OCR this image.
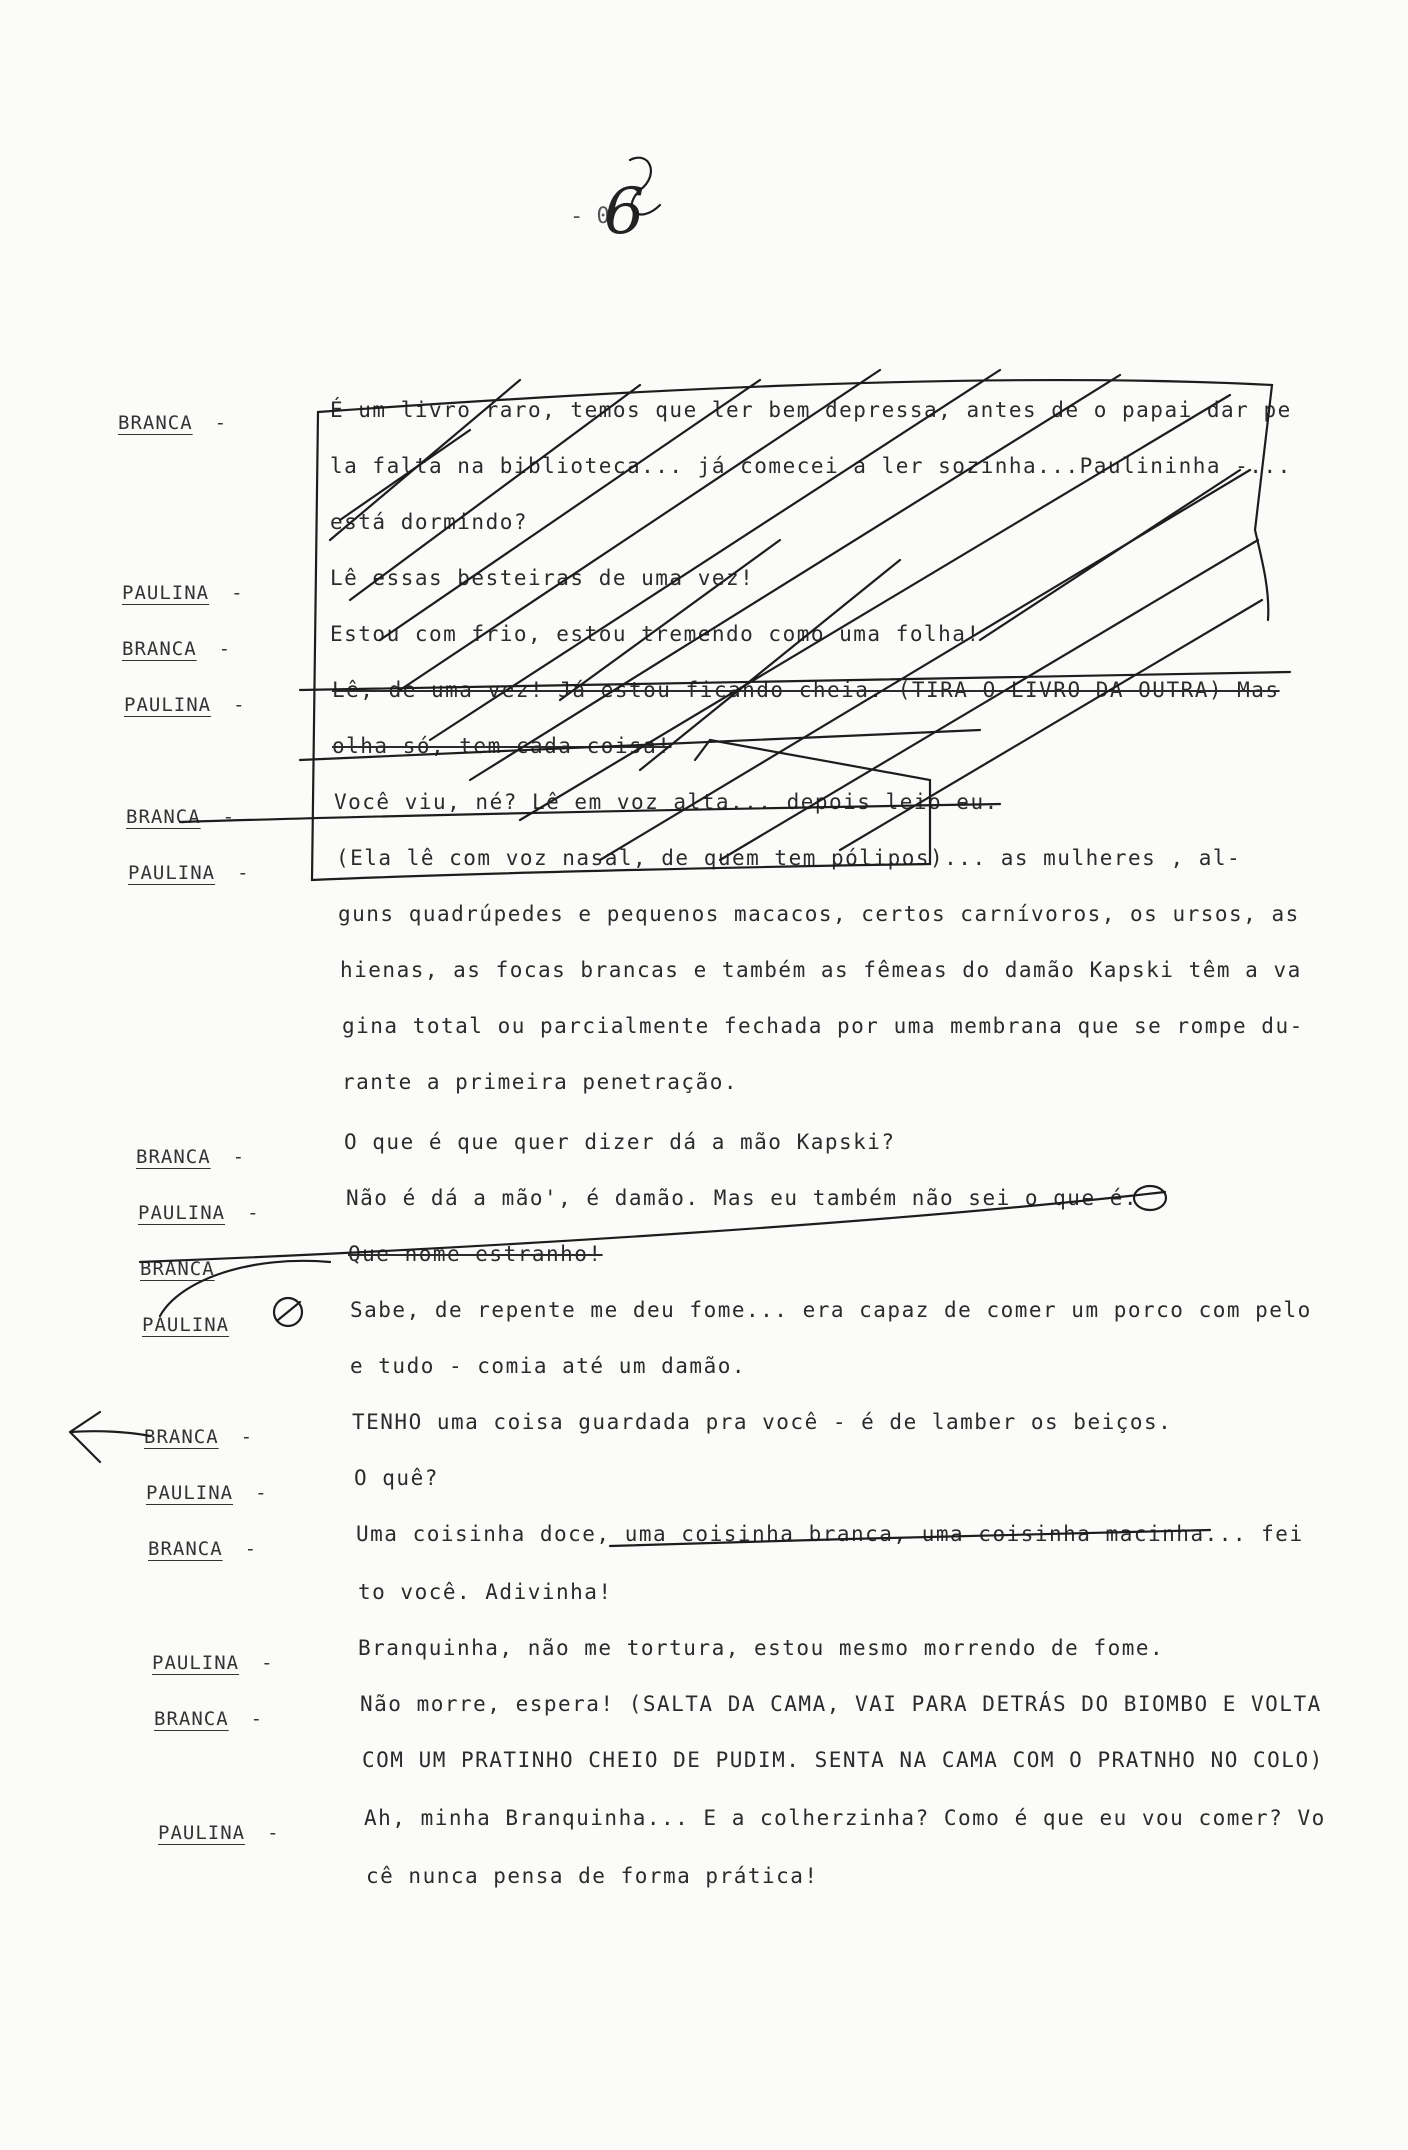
- 06
BRANCA -
PAULINA -
BRANCA -
PAULINA -
BRANCA -
PAULINA -
BRANCA -
PAULINA -
BRANCA
PAULINA
BRANCA -
PAULINA -
BRANCA -
PAULINA -
BRANCA -
PAULINA -
É um livro raro, temos que ler bem depressa, antes de o papai dar pe
la falta na biblioteca... já comecei a ler sozinha...Paulininha -...
está dormindo?
Lê essas besteiras de uma vez!
Estou com frio, estou tremendo como uma folha!
Lê, de uma vez! Já estou ficando cheia. (TIRA O LIVRO DA OUTRA) Mas
olha só, tem cada coisa!
Você viu, né? Lê em voz alta... depois leio eu.
(Ela lê com voz nasal, de quem tem pólipos)... as mulheres , al-
guns quadrúpedes e pequenos macacos, certos carnívoros, os ursos, as
hienas, as focas brancas e também as fêmeas do damão Kapski têm a va
gina total ou parcialmente fechada por uma membrana que se rompe du-
rante a primeira penetração.
O que é que quer dizer dá a mão Kapski?
Não é dá a mão', é damão. Mas eu também não sei o que é.
Que nome estranho!
Sabe, de repente me deu fome... era capaz de comer um porco com pelo
e tudo - comia até um damão.
TENHO uma coisa guardada pra você - é de lamber os beiços.
O quê?
Uma coisinha doce, uma coisinha branca, uma coisinha macinha... fei
to você. Adivinha!
Branquinha, não me tortura, estou mesmo morrendo de fome.
Não morre, espera! (SALTA DA CAMA, VAI PARA DETRÁS DO BIOMBO E VOLTA
COM UM PRATINHO CHEIO DE PUDIM. SENTA NA CAMA COM O PRATNHO NO COLO)
Ah, minha Branquinha... E a colherzinha? Como é que eu vou comer? Vo
cê nunca pensa de forma prática!
